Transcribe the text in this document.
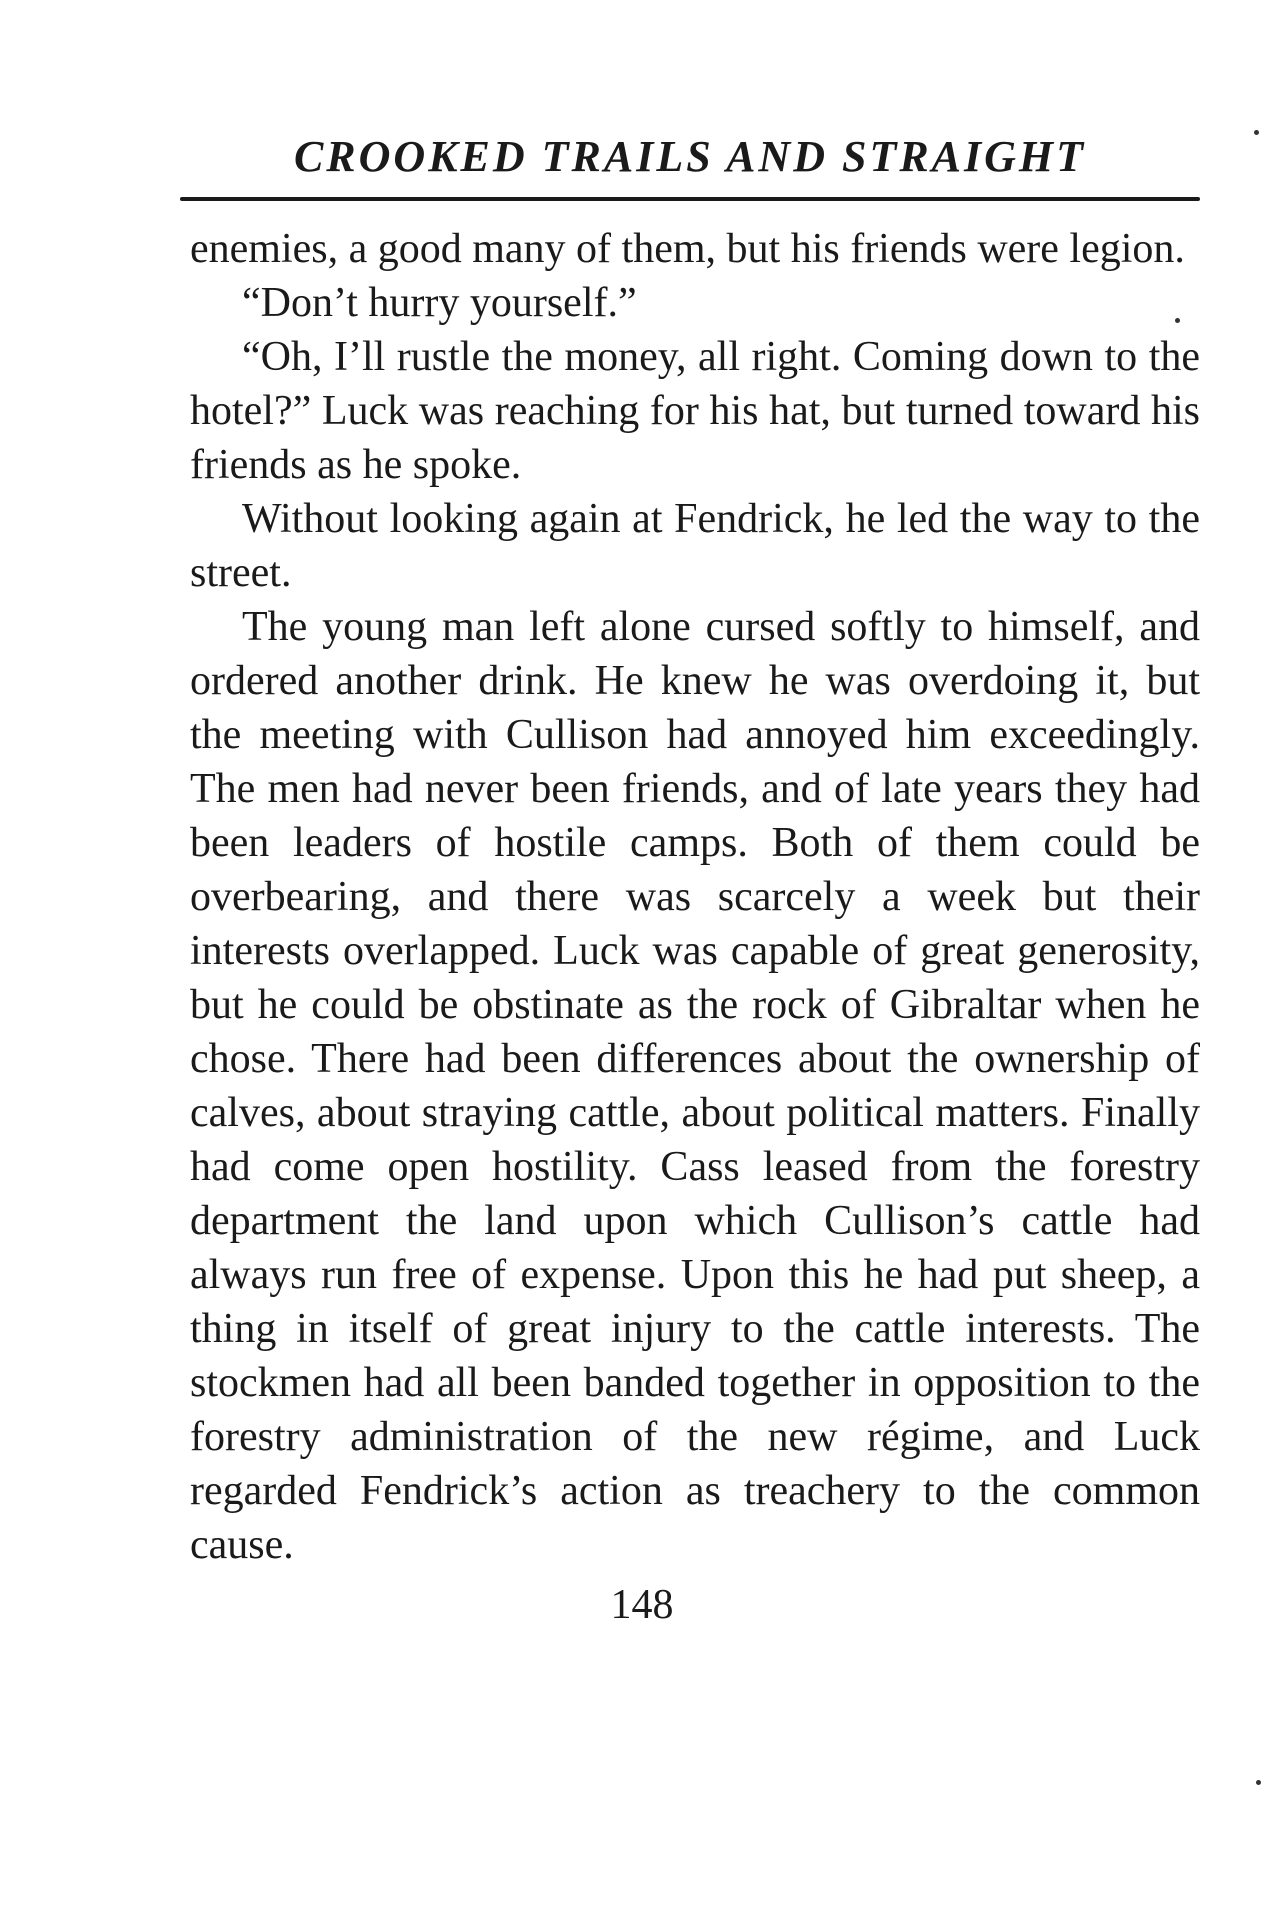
CROOKED TRAILS AND STRAIGHT

enemies, a good many of them, but his friends were legion.

“Don’t hurry yourself.”

“Oh, I’ll rustle the money, all right. Coming down to the hotel?” Luck was reaching for his hat, but turned toward his friends as he spoke.

Without looking again at Fendrick, he led the way to the street.

The young man left alone cursed softly to himself, and ordered another drink. He knew he was overdoing it, but the meeting with Cullison had annoyed him exceedingly. The men had never been friends, and of late years they had been leaders of hostile camps. Both of them could be overbearing, and there was scarcely a week but their interests overlapped. Luck was capable of great generosity, but he could be obstinate as the rock of Gibraltar when he chose. There had been differences about the ownership of calves, about straying cattle, about political matters. Finally had come open hostility. Cass leased from the forestry department the land upon which Cullison’s cattle had always run free of expense. Upon this he had put sheep, a thing in itself of great injury to the cattle interests. The stockmen had all been banded together in opposition to the forestry administration of the new régime, and Luck regarded Fendrick’s action as treachery to the common cause.

148
